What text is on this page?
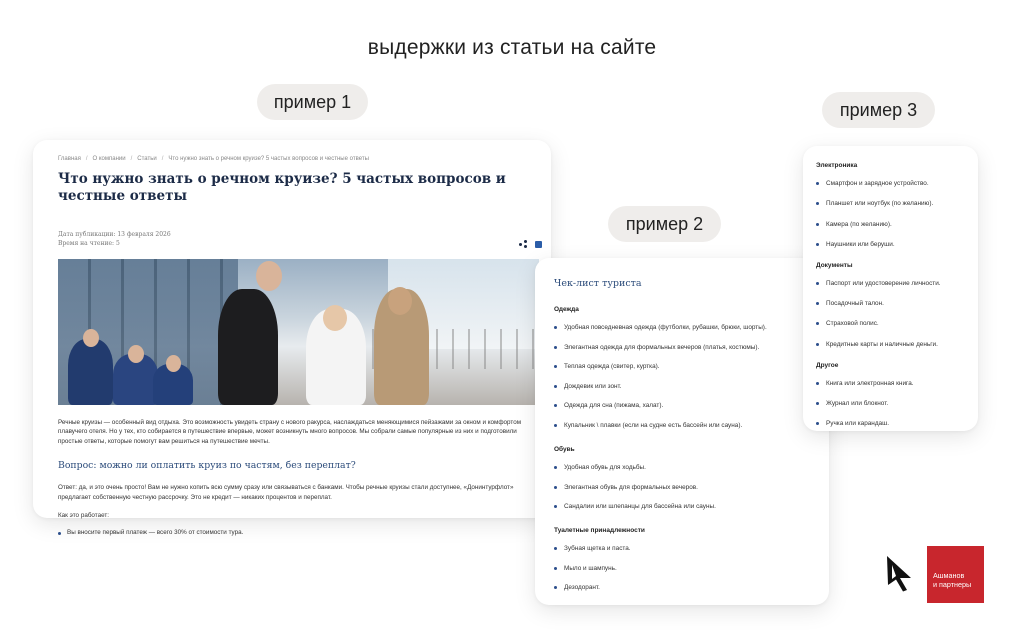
выдержки из статьи на сайте
пример 1
пример 2
пример 3
Главная / О компании / Статьи / Что нужно знать о речном круизе? 5 частых вопросов и честные ответы
Что нужно знать о речном круизе? 5 частых вопросов и честные ответы
Дата публикации: 13 февраля 2026
Время на чтение: 5
Речные круизы — особенный вид отдыха. Это возможность увидеть страну с нового ракурса, наслаждаться меняющимися пейзажами за окном и комфортом плавучего отеля. Но у тех, кто собирается в путешествие впервые, может возникнуть много вопросов. Мы собрали самые популярные из них и подготовили простые ответы, которые помогут вам решиться на путешествие мечты.
Вопрос: можно ли оплатить круиз по частям, без переплат?
Ответ: да, и это очень просто! Вам не нужно копить всю сумму сразу или связываться с банками. Чтобы речные круизы стали доступнее, «Донинтурфлот» предлагает собственную честную рассрочку. Это не кредит — никаких процентов и переплат.
Как это работает:
Вы вносите первый платеж — всего 30% от стоимости тура.
Чек-лист туриста
Одежда
Удобная повседневная одежда (футболки, рубашки, брюки, шорты).
Элегантная одежда для формальных вечеров (платья, костюмы).
Теплая одежда (свитер, куртка).
Дождевик или зонт.
Одежда для сна (пижама, халат).
Купальник \ плавки (если на судне есть бассейн или сауна).
Обувь
Удобная обувь для ходьбы.
Элегантная обувь для формальных вечеров.
Сандалии или шлепанцы для бассейна или сауны.
Туалетные принадлежности
Зубная щетка и паста.
Мыло и шампунь.
Дезодорант.
Электроника
Смартфон и зарядное устройство.
Планшет или ноутбук (по желанию).
Камера (по желанию).
Наушники или беруши.
Документы
Паспорт или удостоверение личности.
Посадочный талон.
Страховой полис.
Кредитные карты и наличные деньги.
Другое
Книга или электронная книга.
Журнал или блокнот.
Ручка или карандаш.
Ашманов
и партнеры
